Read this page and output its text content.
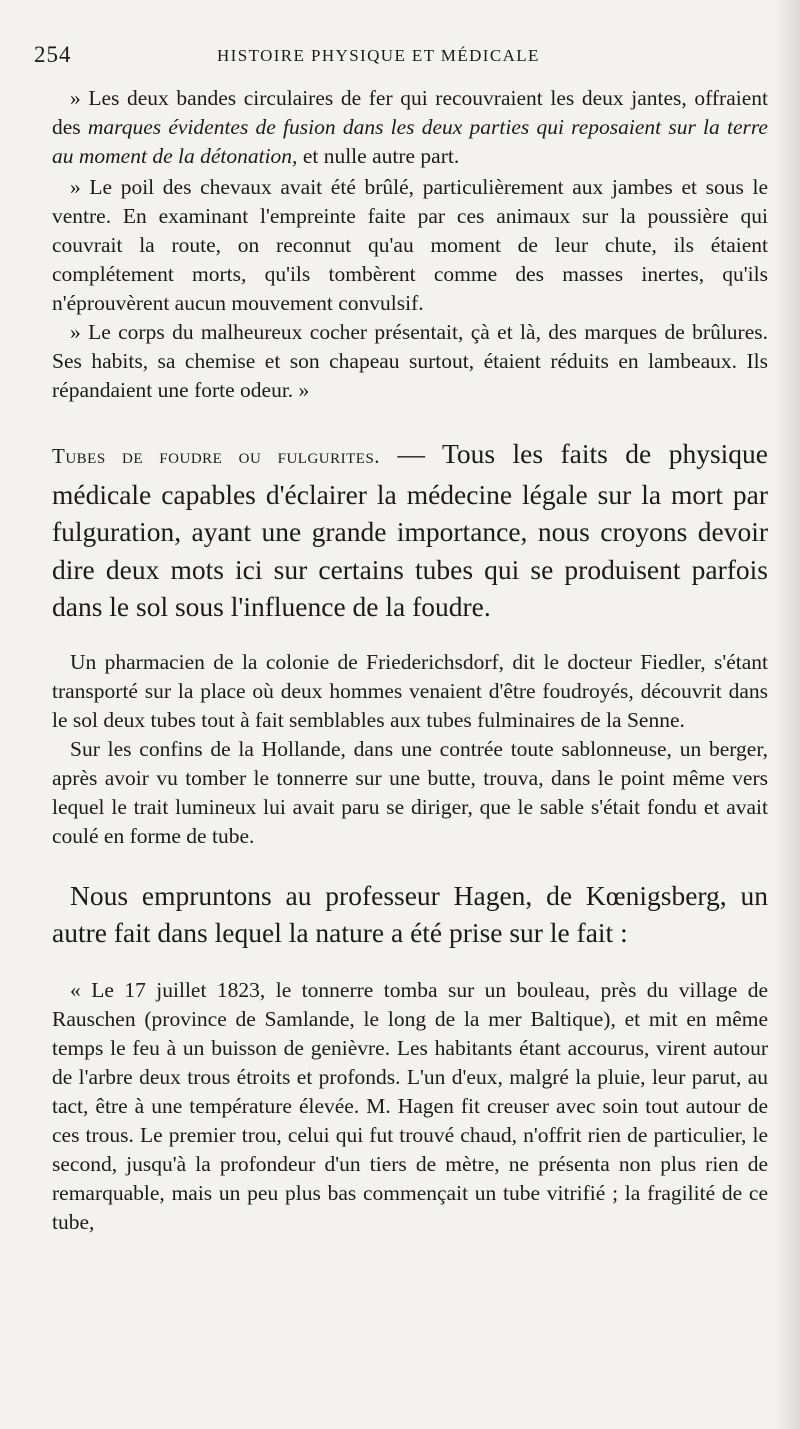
254	HISTOIRE PHYSIQUE ET MÉDICALE

» Les deux bandes circulaires de fer qui recouvraient les deux jantes, offraient des marques évidentes de fusion dans les deux parties qui reposaient sur la terre au moment de la détonation, et nulle autre part.

» Le poil des chevaux avait été brûlé, particulièrement aux jambes et sous le ventre. En examinant l'empreinte faite par ces animaux sur la poussière qui couvrait la route, on reconnut qu'au moment de leur chute, ils étaient complétement morts, qu'ils tombèrent comme des masses inertes, qu'ils n'éprouvèrent aucun mouvement convulsif.

» Le corps du malheureux cocher présentait, çà et là, des marques de brûlures. Ses habits, sa chemise et son chapeau surtout, étaient réduits en lambeaux. Ils répandaient une forte odeur. »

Tubes de foudre ou fulgurites. — Tous les faits de physique médicale capables d'éclairer la médecine légale sur la mort par fulguration, ayant une grande importance, nous croyons devoir dire deux mots ici sur certains tubes qui se produisent parfois dans le sol sous l'influence de la foudre.

Un pharmacien de la colonie de Friederichsdorf, dit le docteur Fiedler, s'étant transporté sur la place où deux hommes venaient d'être foudroyés, découvrit dans le sol deux tubes tout à fait semblables aux tubes fulminaires de la Senne.

Sur les confins de la Hollande, dans une contrée toute sablonneuse, un berger, après avoir vu tomber le tonnerre sur une butte, trouva, dans le point même vers lequel le trait lumineux lui avait paru se diriger, que le sable s'était fondu et avait coulé en forme de tube.

Nous empruntons au professeur Hagen, de Kœnigsberg, un autre fait dans lequel la nature a été prise sur le fait :

« Le 17 juillet 1823, le tonnerre tomba sur un bouleau, près du village de Rauschen (province de Samlande, le long de la mer Baltique), et mit en même temps le feu à un buisson de genièvre. Les habitants étant accourus, virent autour de l'arbre deux trous étroits et profonds. L'un d'eux, malgré la pluie, leur parut, au tact, être à une température élevée. M. Hagen fit creuser avec soin tout autour de ces trous. Le premier trou, celui qui fut trouvé chaud, n'offrit rien de particulier, le second, jusqu'à la profondeur d'un tiers de mètre, ne présenta non plus rien de remarquable, mais un peu plus bas commençait un tube vitrifié ; la fragilité de ce tube,
